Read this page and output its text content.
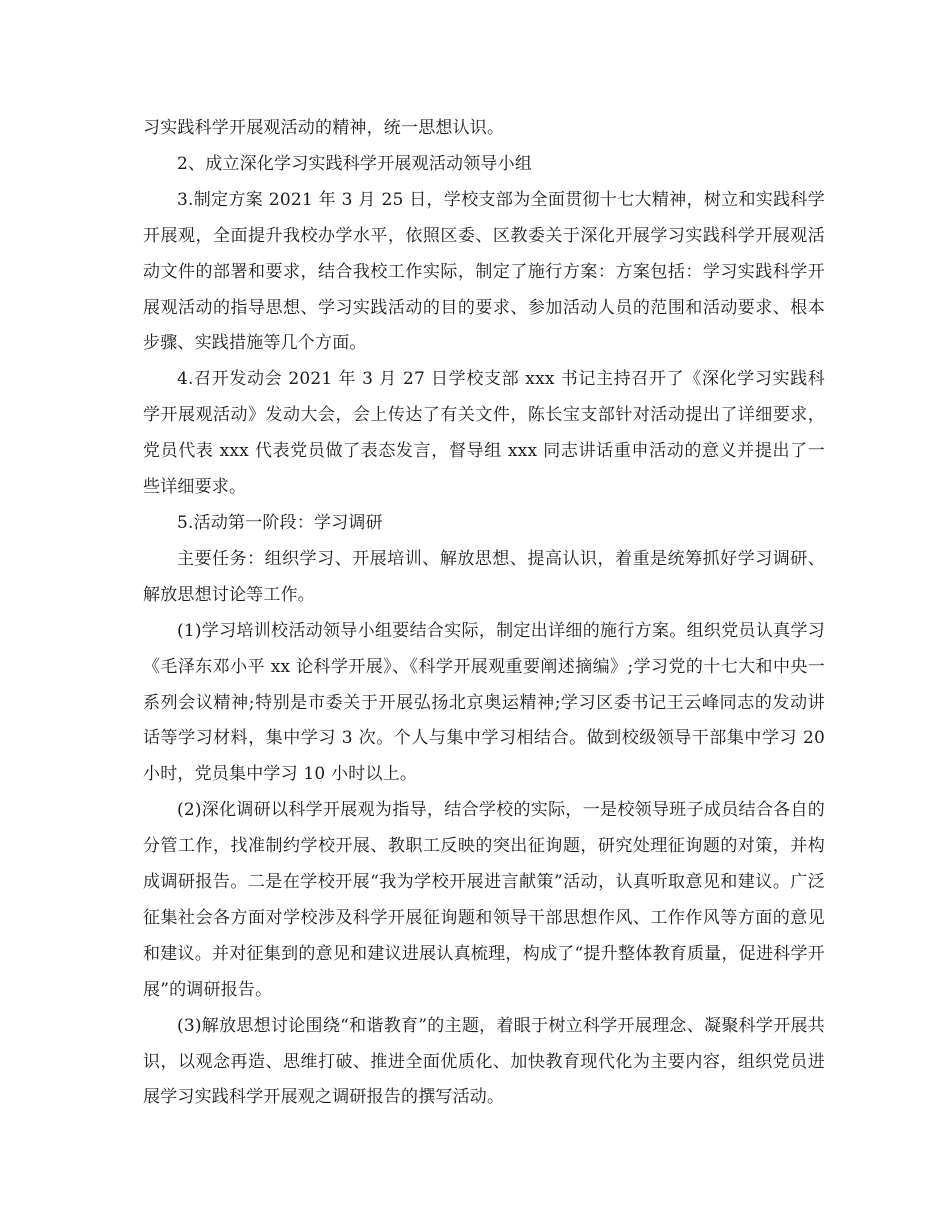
习实践科学开展观活动的精神，统一思想认识。

2、成立深化学习实践科学开展观活动领导小组

3.制定方案 2021 年 3 月 25 日，学校支部为全面贯彻十七大精神，树立和实践科学开展观，全面提升我校办学水平，依照区委、区教委关于深化开展学习实践科学开展观活动文件的部署和要求，结合我校工作实际，制定了施行方案：方案包括：学习实践科学开展观活动的指导思想、学习实践活动的目的要求、参加活动人员的范围和活动要求、根本步骤、实践措施等几个方面。

4.召开发动会 2021 年 3 月 27 日学校支部 xxx 书记主持召开了《深化学习实践科学开展观活动》发动大会，会上传达了有关文件，陈长宝支部针对活动提出了详细要求，党员代表 xxx 代表党员做了表态发言，督导组 xxx 同志讲话重申活动的意义并提出了一些详细要求。

5.活动第一阶段：学习调研

主要任务：组织学习、开展培训、解放思想、提高认识，着重是统筹抓好学习调研、解放思想讨论等工作。

(1)学习培训校活动领导小组要结合实际，制定出详细的施行方案。组织党员认真学习《毛泽东邓小平 xx 论科学开展》、《科学开展观重要阐述摘编》;学习党的十七大和中央一系列会议精神;特别是市委关于开展弘扬北京奥运精神;学习区委书记王云峰同志的发动讲话等学习材料，集中学习 3 次。个人与集中学习相结合。做到校级领导干部集中学习 20 小时，党员集中学习 10 小时以上。

(2)深化调研以科学开展观为指导，结合学校的实际，一是校领导班子成员结合各自的分管工作，找准制约学校开展、教职工反映的突出征询题，研究处理征询题的对策，并构成调研报告。二是在学校开展“我为学校开展进言献策”活动，认真听取意见和建议。广泛征集社会各方面对学校涉及科学开展征询题和领导干部思想作风、工作作风等方面的意见和建议。并对征集到的意见和建议进展认真梳理，构成了“提升整体教育质量，促进科学开展”的调研报告。

(3)解放思想讨论围绕“和谐教育”的主题，着眼于树立科学开展理念、凝聚科学开展共识，以观念再造、思维打破、推进全面优质化、加快教育现代化为主要内容，组织党员进展学习实践科学开展观之调研报告的撰写活动。
